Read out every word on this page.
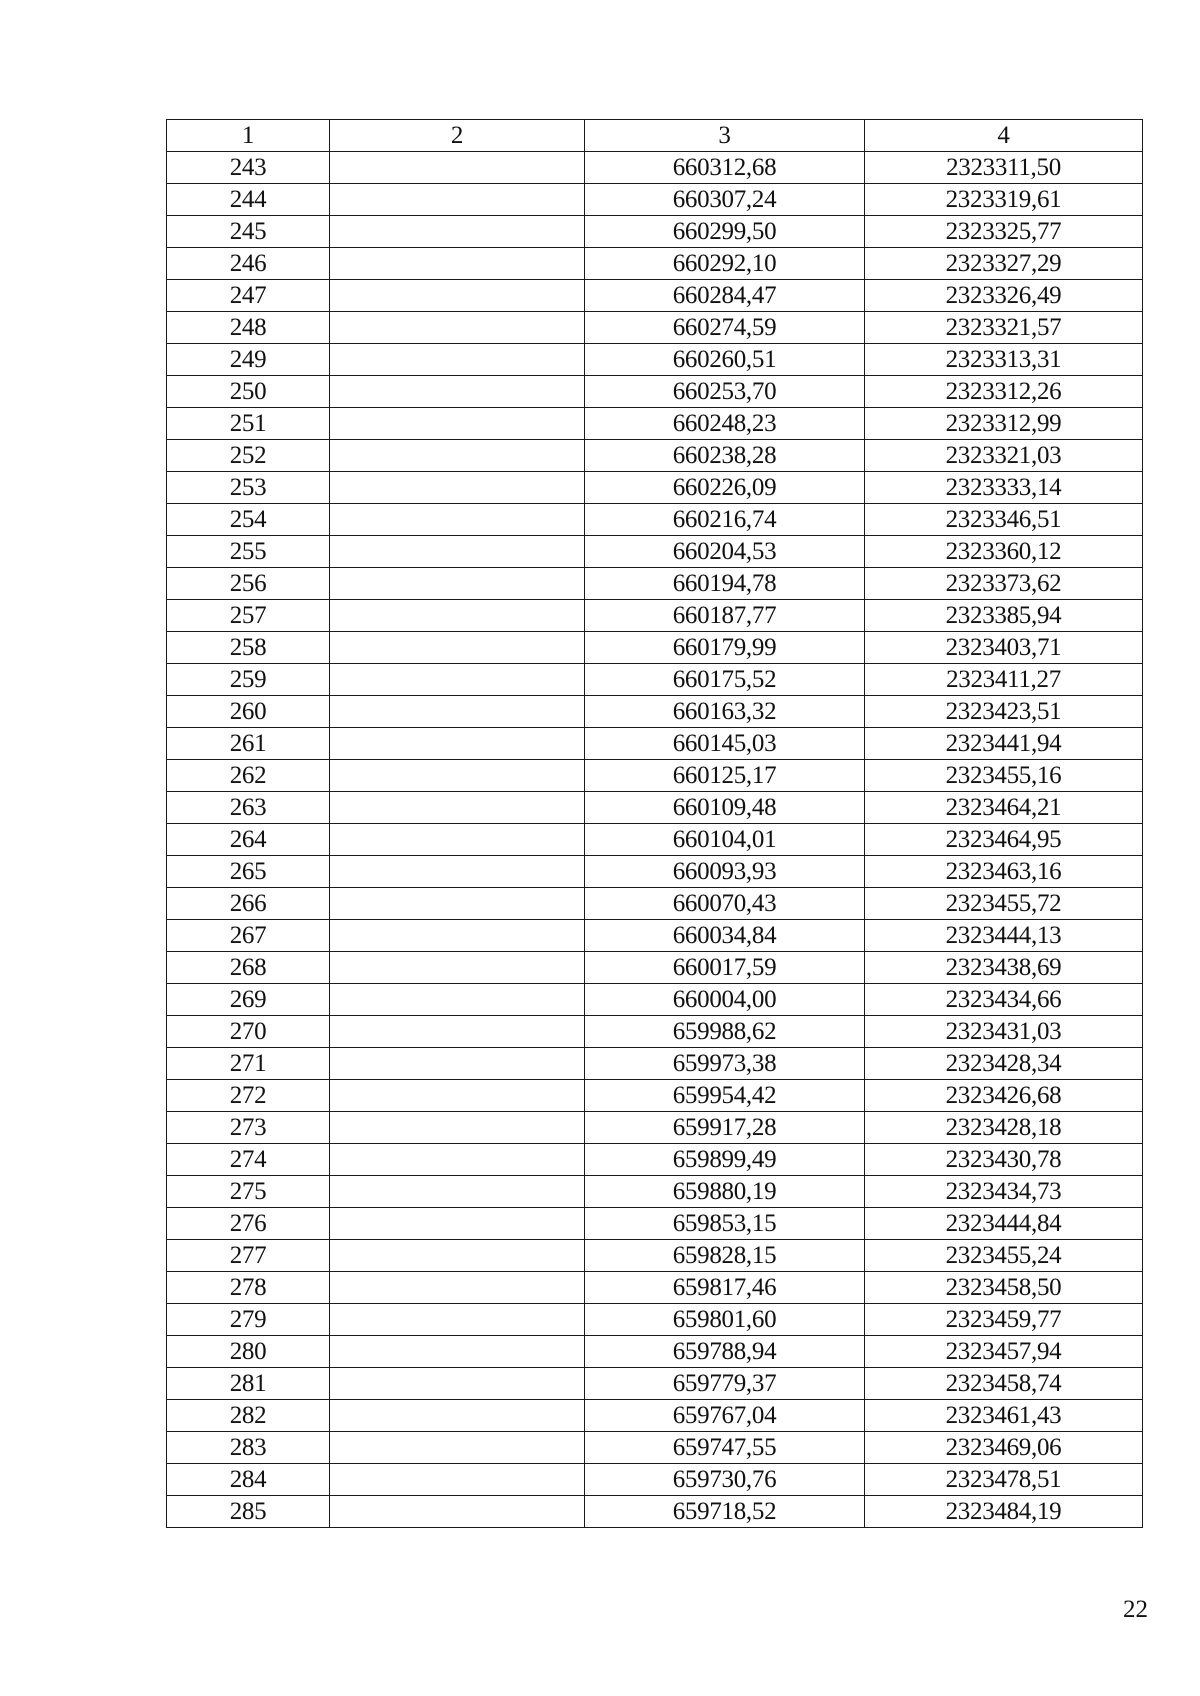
1	2	3	4
243		660312,68	2323311,50
244		660307,24	2323319,61
245		660299,50	2323325,77
246		660292,10	2323327,29
247		660284,47	2323326,49
248		660274,59	2323321,57
249		660260,51	2323313,31
250		660253,70	2323312,26
251		660248,23	2323312,99
252		660238,28	2323321,03
253		660226,09	2323333,14
254		660216,74	2323346,51
255		660204,53	2323360,12
256		660194,78	2323373,62
257		660187,77	2323385,94
258		660179,99	2323403,71
259		660175,52	2323411,27
260		660163,32	2323423,51
261		660145,03	2323441,94
262		660125,17	2323455,16
263		660109,48	2323464,21
264		660104,01	2323464,95
265		660093,93	2323463,16
266		660070,43	2323455,72
267		660034,84	2323444,13
268		660017,59	2323438,69
269		660004,00	2323434,66
270		659988,62	2323431,03
271		659973,38	2323428,34
272		659954,42	2323426,68
273		659917,28	2323428,18
274		659899,49	2323430,78
275		659880,19	2323434,73
276		659853,15	2323444,84
277		659828,15	2323455,24
278		659817,46	2323458,50
279		659801,60	2323459,77
280		659788,94	2323457,94
281		659779,37	2323458,74
282		659767,04	2323461,43
283		659747,55	2323469,06
284		659730,76	2323478,51
285		659718,52	2323484,19
22
